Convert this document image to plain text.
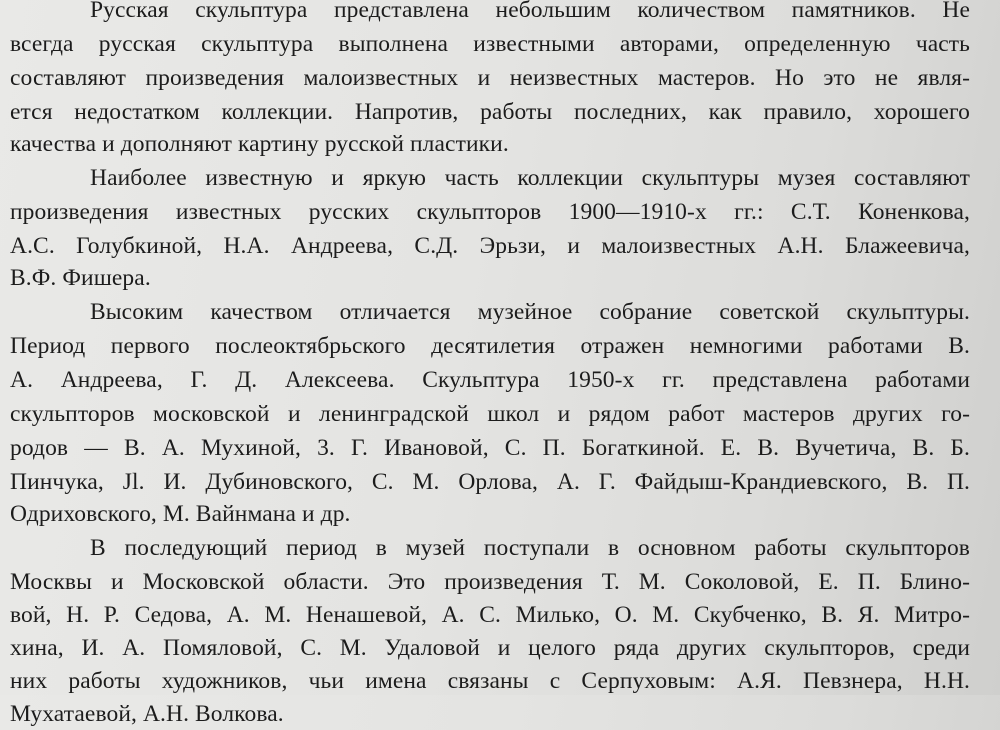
Русская скульптура представлена небольшим количеством памятников. Не
всегда русская скульптура выполнена известными авторами, определенную часть
составляют произведения малоизвестных и неизвестных мастеров. Но это не явля-
ется недостатком коллекции. Напротив, работы последних, как правило, хорошего
качества и дополняют картину русской пластики.
Наиболее известную и яркую часть коллекции скульптуры музея составляют
произведения известных русских скульпторов 1900—1910-х гг.: С.Т. Коненкова,
А.С. Голубкиной, Н.А. Андреева, С.Д. Эрьзи, и малоизвестных А.Н. Блажеевича,
В.Ф. Фишера.
Высоким качеством отличается музейное собрание советской скульптуры.
Период первого послеоктябрьского десятилетия отражен немногими работами В.
А. Андреева, Г. Д. Алексеева. Скульптура 1950-х гг. представлена работами
скульпторов московской и ленинградской школ и рядом работ мастеров других го-
родов — В. А. Мухиной, 3. Г. Ивановой, С. П. Богаткиной. Е. В. Вучетича, В. Б.
Пинчука, Jl. И. Дубиновского, С. М. Орлова, А. Г. Файдыш-Крандиевского, В. П.
Одриховского, М. Вайнмана и др.
В последующий период в музей поступали в основном работы скульпторов
Москвы и Московской области. Это произведения Т. М. Соколовой, Е. П. Блино-
вой, Н. Р. Седова, А. М. Ненашевой, А. С. Милько, О. М. Скубченко, В. Я. Митро-
хина, И. А. Помяловой, С. М. Удаловой и целого ряда других скульпторов, среди
них работы художников, чьи имена связаны с Серпуховым: А.Я. Певзнера, Н.Н.
Мухатаевой, А.Н. Волкова.
